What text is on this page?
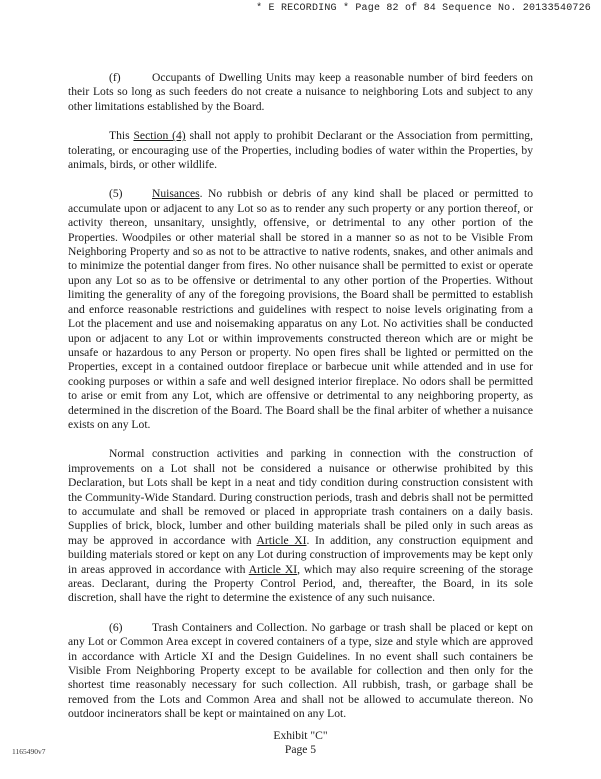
* E RECORDING * Page 82 of 84 Sequence No. 20133540726

(f)	Occupants of Dwelling Units may keep a reasonable number of bird feeders on their Lots so long as such feeders do not create a nuisance to neighboring Lots and subject to any other limitations established by the Board.

This Section (4) shall not apply to prohibit Declarant or the Association from permitting, tolerating, or encouraging use of the Properties, including bodies of water within the Properties, by animals, birds, or other wildlife.

(5)	Nuisances. No rubbish or debris of any kind shall be placed or permitted to accumulate upon or adjacent to any Lot so as to render any such property or any portion thereof, or activity thereon, unsanitary, unsightly, offensive, or detrimental to any other portion of the Properties. Woodpiles or other material shall be stored in a manner so as not to be Visible From Neighboring Property and so as not to be attractive to native rodents, snakes, and other animals and to minimize the potential danger from fires. No other nuisance shall be permitted to exist or operate upon any Lot so as to be offensive or detrimental to any other portion of the Properties. Without limiting the generality of any of the foregoing provisions, the Board shall be permitted to establish and enforce reasonable restrictions and guidelines with respect to noise levels originating from a Lot the placement and use and noisemaking apparatus on any Lot. No activities shall be conducted upon or adjacent to any Lot or within improvements constructed thereon which are or might be unsafe or hazardous to any Person or property. No open fires shall be lighted or permitted on the Properties, except in a contained outdoor fireplace or barbecue unit while attended and in use for cooking purposes or within a safe and well designed interior fireplace. No odors shall be permitted to arise or emit from any Lot, which are offensive or detrimental to any neighboring property, as determined in the discretion of the Board. The Board shall be the final arbiter of whether a nuisance exists on any Lot.

Normal construction activities and parking in connection with the construction of improvements on a Lot shall not be considered a nuisance or otherwise prohibited by this Declaration, but Lots shall be kept in a neat and tidy condition during construction consistent with the Community-Wide Standard. During construction periods, trash and debris shall not be permitted to accumulate and shall be removed or placed in appropriate trash containers on a daily basis. Supplies of brick, block, lumber and other building materials shall be piled only in such areas as may be approved in accordance with Article XI. In addition, any construction equipment and building materials stored or kept on any Lot during construction of improvements may be kept only in areas approved in accordance with Article XI, which may also require screening of the storage areas. Declarant, during the Property Control Period, and, thereafter, the Board, in its sole discretion, shall have the right to determine the existence of any such nuisance.

(6)	Trash Containers and Collection. No garbage or trash shall be placed or kept on any Lot or Common Area except in covered containers of a type, size and style which are approved in accordance with Article XI and the Design Guidelines. In no event shall such containers be Visible From Neighboring Property except to be available for collection and then only for the shortest time reasonably necessary for such collection. All rubbish, trash, or garbage shall be removed from the Lots and Common Area and shall not be allowed to accumulate thereon. No outdoor incinerators shall be kept or maintained on any Lot.

Exhibit "C"
Page 5
1165490v7
